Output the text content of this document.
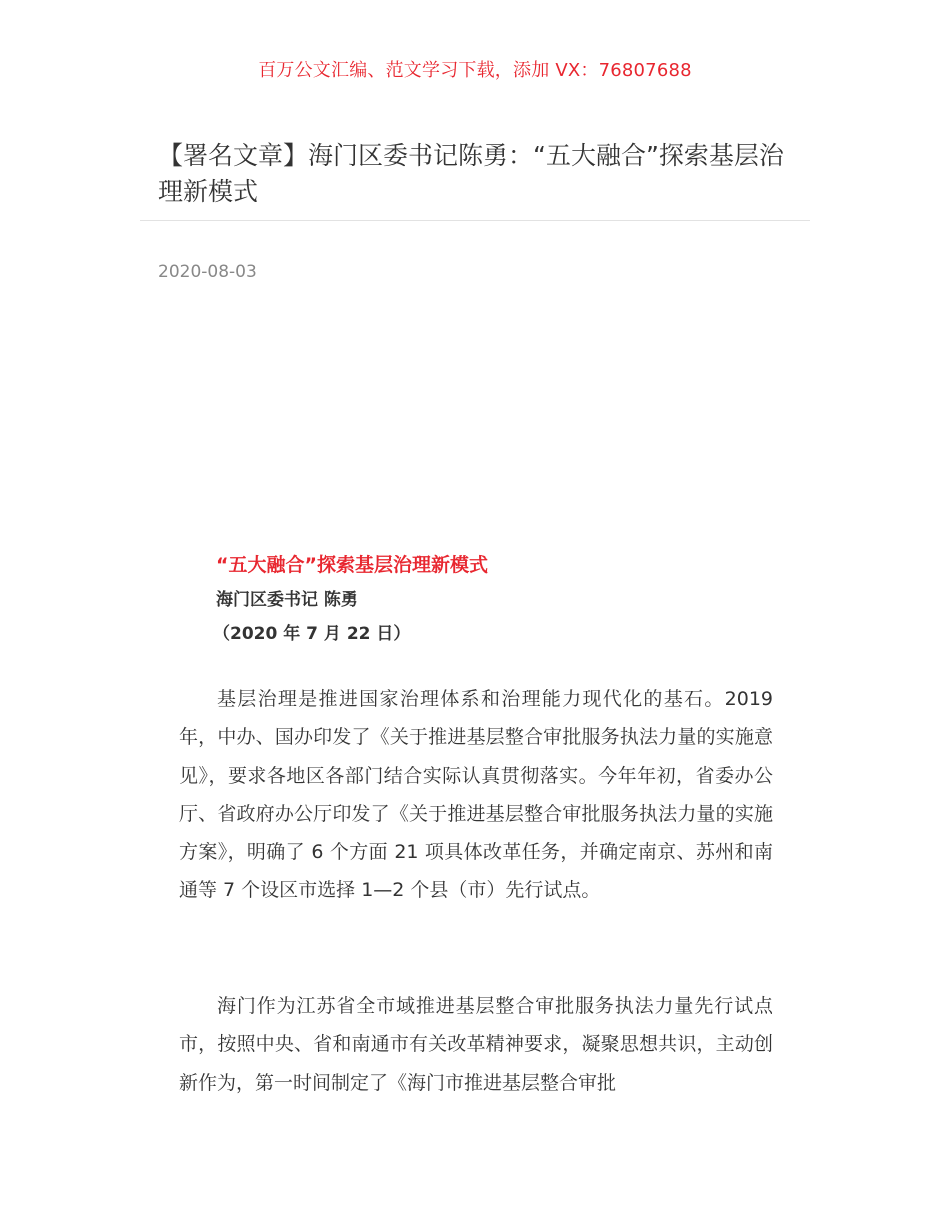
百万公文汇编、范文学习下载，添加 VX：76807688
【署名文章】海门区委书记陈勇：“五大融合”探索基层治理新模式
2020-08-03
“五大融合”探索基层治理新模式
海门区委书记 陈勇
（2020 年 7 月 22 日）

基层治理是推进国家治理体系和治理能力现代化的基石。2019 年，中办、国办印发了《关于推进基层整合审批服务执法力量的实施意见》，要求各地区各部门结合实际认真贯彻落实。今年年初，省委办公厅、省政府办公厅印发了《关于推进基层整合审批服务执法力量的实施方案》，明确了 6 个方面 21 项具体改革任务，并确定南京、苏州和南通等 7 个设区市选择 1—2 个县（市）先行试点。

海门作为江苏省全市域推进基层整合审批服务执法力量先行试点市，按照中央、省和南通市有关改革精神要求，凝聚思想共识，主动创新作为，第一时间制定了《海门市推进基层整合审批
